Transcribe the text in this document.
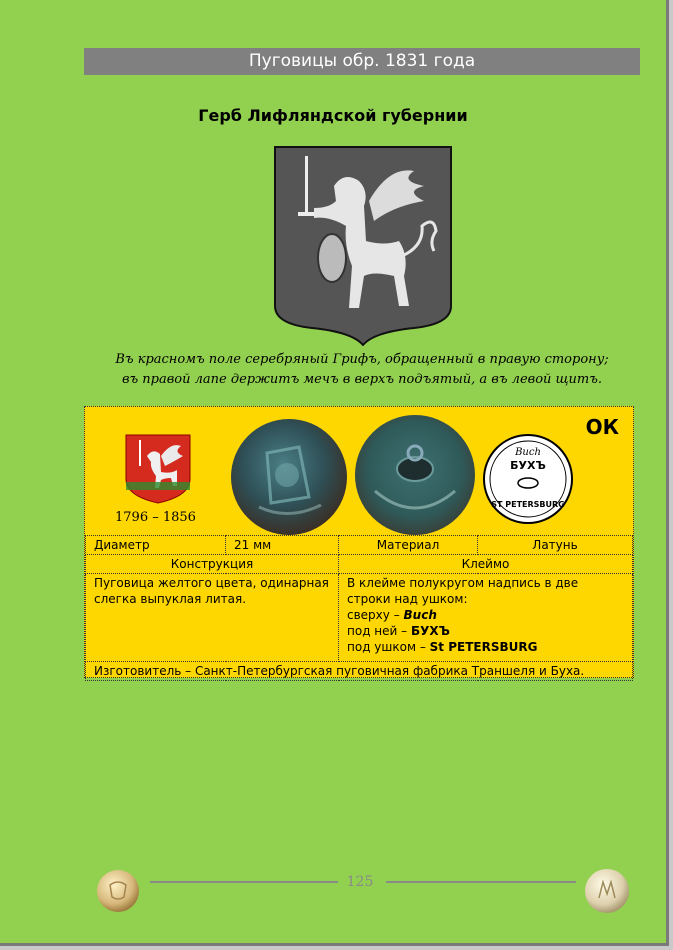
Пуговицы обр. 1831 года
Герб Лифляндской губернии
Въ красномъ поле серебряный Грифъ, обращенный в правую сторону;
въ правой лапе держитъ мечъ в верхъ подъятый, а въ левой щитъ.
ОК
1796 – 1856
Buch
БУХЪ
ST PETERSBURG
Диаметр	21 мм	Материал	Латунь
Конструкция		Клеймо	
Пуговица желтого цвета, одинарная слегка выпуклая литая.		В клейме полукругом надпись в две строки над ушком:
сверху – Buch
под ней – БУХЪ
под ушком – St PETERSBURG	

Изготовитель – Санкт-Петербургская пуговичная фабрика Траншеля и Буха.			
125
